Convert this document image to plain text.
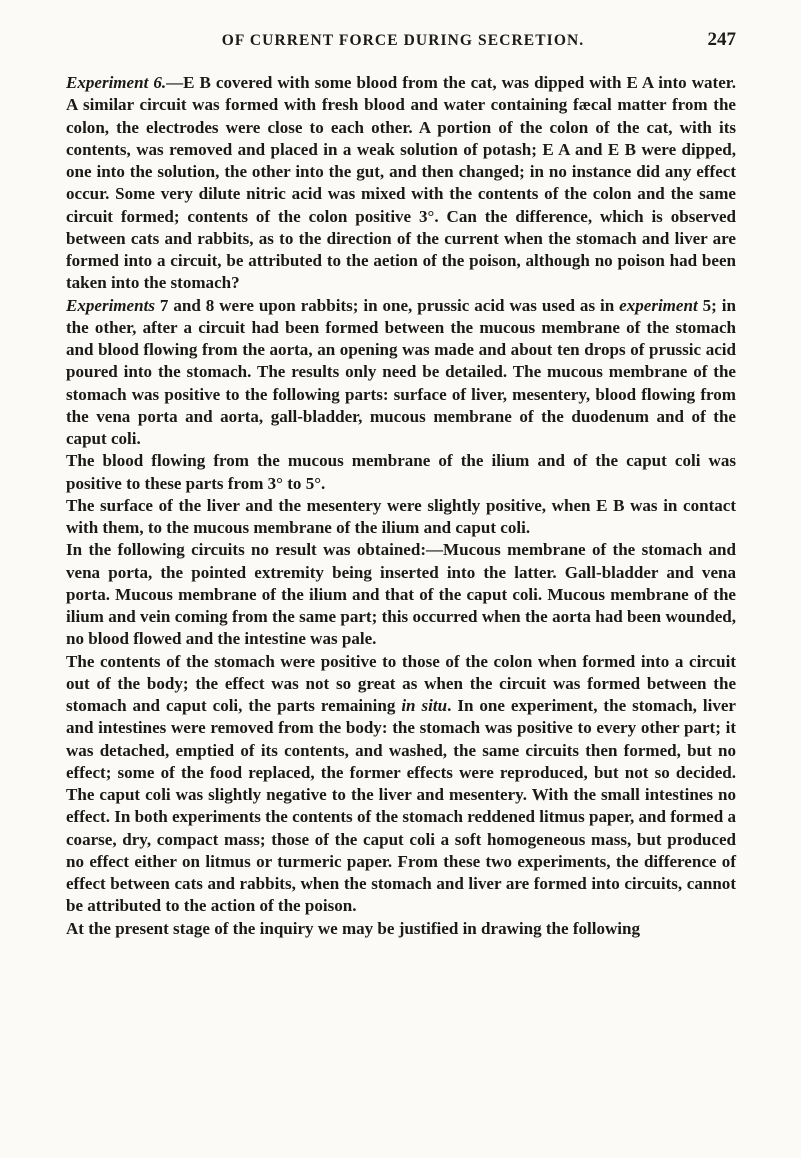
OF CURRENT FORCE DURING SECRETION.	247

Experiment 6.—E B covered with some blood from the cat, was dipped with E A into water. A similar circuit was formed with fresh blood and water containing fæcal matter from the colon, the electrodes were close to each other. A portion of the colon of the cat, with its contents, was removed and placed in a weak solution of potash; E A and E B were dipped, one into the solution, the other into the gut, and then changed; in no instance did any effect occur. Some very dilute nitric acid was mixed with the contents of the colon and the same circuit formed; contents of the colon positive 3°. Can the difference, which is observed between cats and rabbits, as to the direction of the current when the stomach and liver are formed into a circuit, be attributed to the aetion of the poison, although no poison had been taken into the stomach?

Experiments 7 and 8 were upon rabbits; in one, prussic acid was used as in experiment 5; in the other, after a circuit had been formed between the mucous membrane of the stomach and blood flowing from the aorta, an opening was made and about ten drops of prussic acid poured into the stomach. The results only need be detailed. The mucous membrane of the stomach was positive to the following parts: surface of liver, mesentery, blood flowing from the vena porta and aorta, gall-bladder, mucous membrane of the duodenum and of the caput coli.

The blood flowing from the mucous membrane of the ilium and of the caput coli was positive to these parts from 3° to 5°.

The surface of the liver and the mesentery were slightly positive, when E B was in contact with them, to the mucous membrane of the ilium and caput coli.

In the following circuits no result was obtained:—Mucous membrane of the stomach and vena porta, the pointed extremity being inserted into the latter. Gall-bladder and vena porta. Mucous membrane of the ilium and that of the caput coli. Mucous membrane of the ilium and vein coming from the same part; this occurred when the aorta had been wounded, no blood flowed and the intestine was pale.

The contents of the stomach were positive to those of the colon when formed into a circuit out of the body; the effect was not so great as when the circuit was formed between the stomach and caput coli, the parts remaining in situ. In one experiment, the stomach, liver and intestines were removed from the body: the stomach was positive to every other part; it was detached, emptied of its contents, and washed, the same circuits then formed, but no effect; some of the food replaced, the former effects were reproduced, but not so decided. The caput coli was slightly negative to the liver and mesentery. With the small intestines no effect. In both experiments the contents of the stomach reddened litmus paper, and formed a coarse, dry, compact mass; those of the caput coli a soft homogeneous mass, but produced no effect either on litmus or turmeric paper. From these two experiments, the difference of effect between cats and rabbits, when the stomach and liver are formed into circuits, cannot be attributed to the action of the poison.

At the present stage of the inquiry we may be justified in drawing the following
